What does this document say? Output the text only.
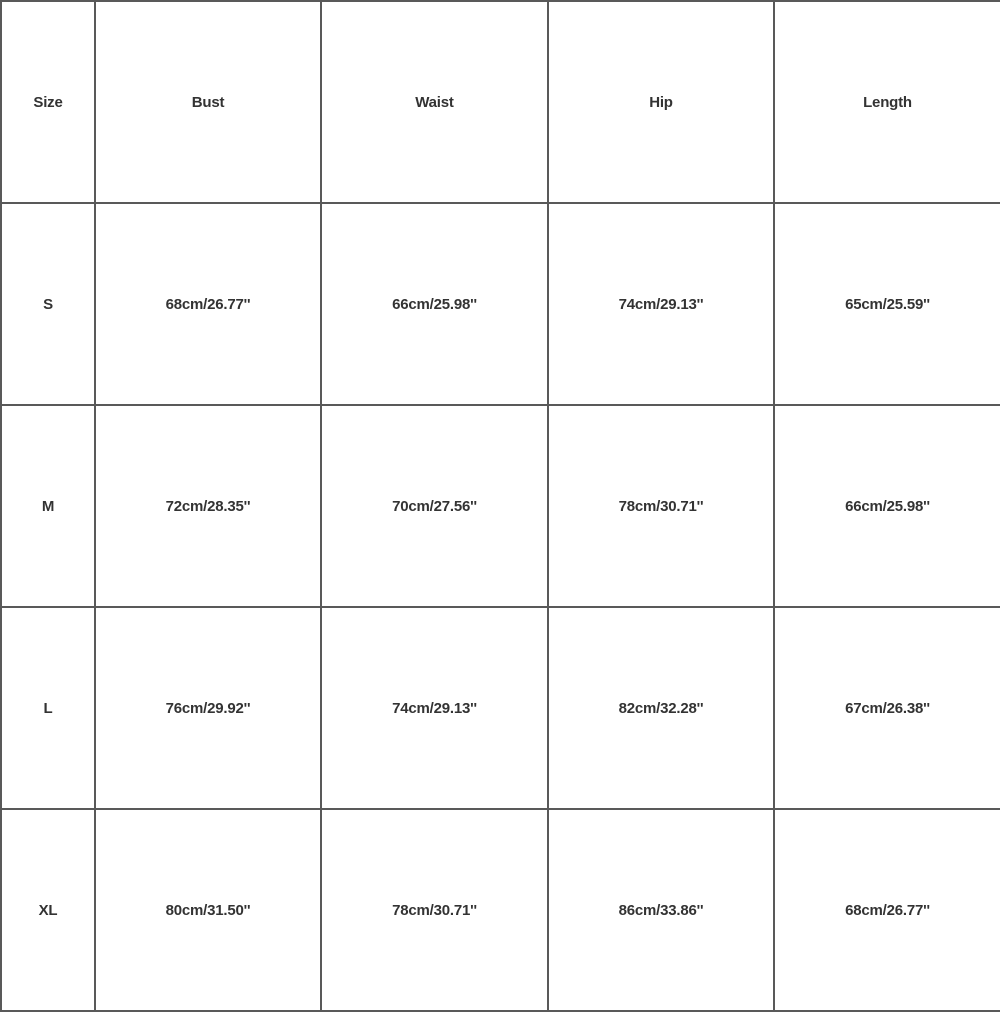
Size	Bust	Waist	Hip	Length
S	68cm/26.77''	66cm/25.98''	74cm/29.13''	65cm/25.59''
M	72cm/28.35''	70cm/27.56''	78cm/30.71''	66cm/25.98''
L	76cm/29.92''	74cm/29.13''	82cm/32.28''	67cm/26.38''
XL	80cm/31.50''	78cm/30.71''	86cm/33.86''	68cm/26.77''
